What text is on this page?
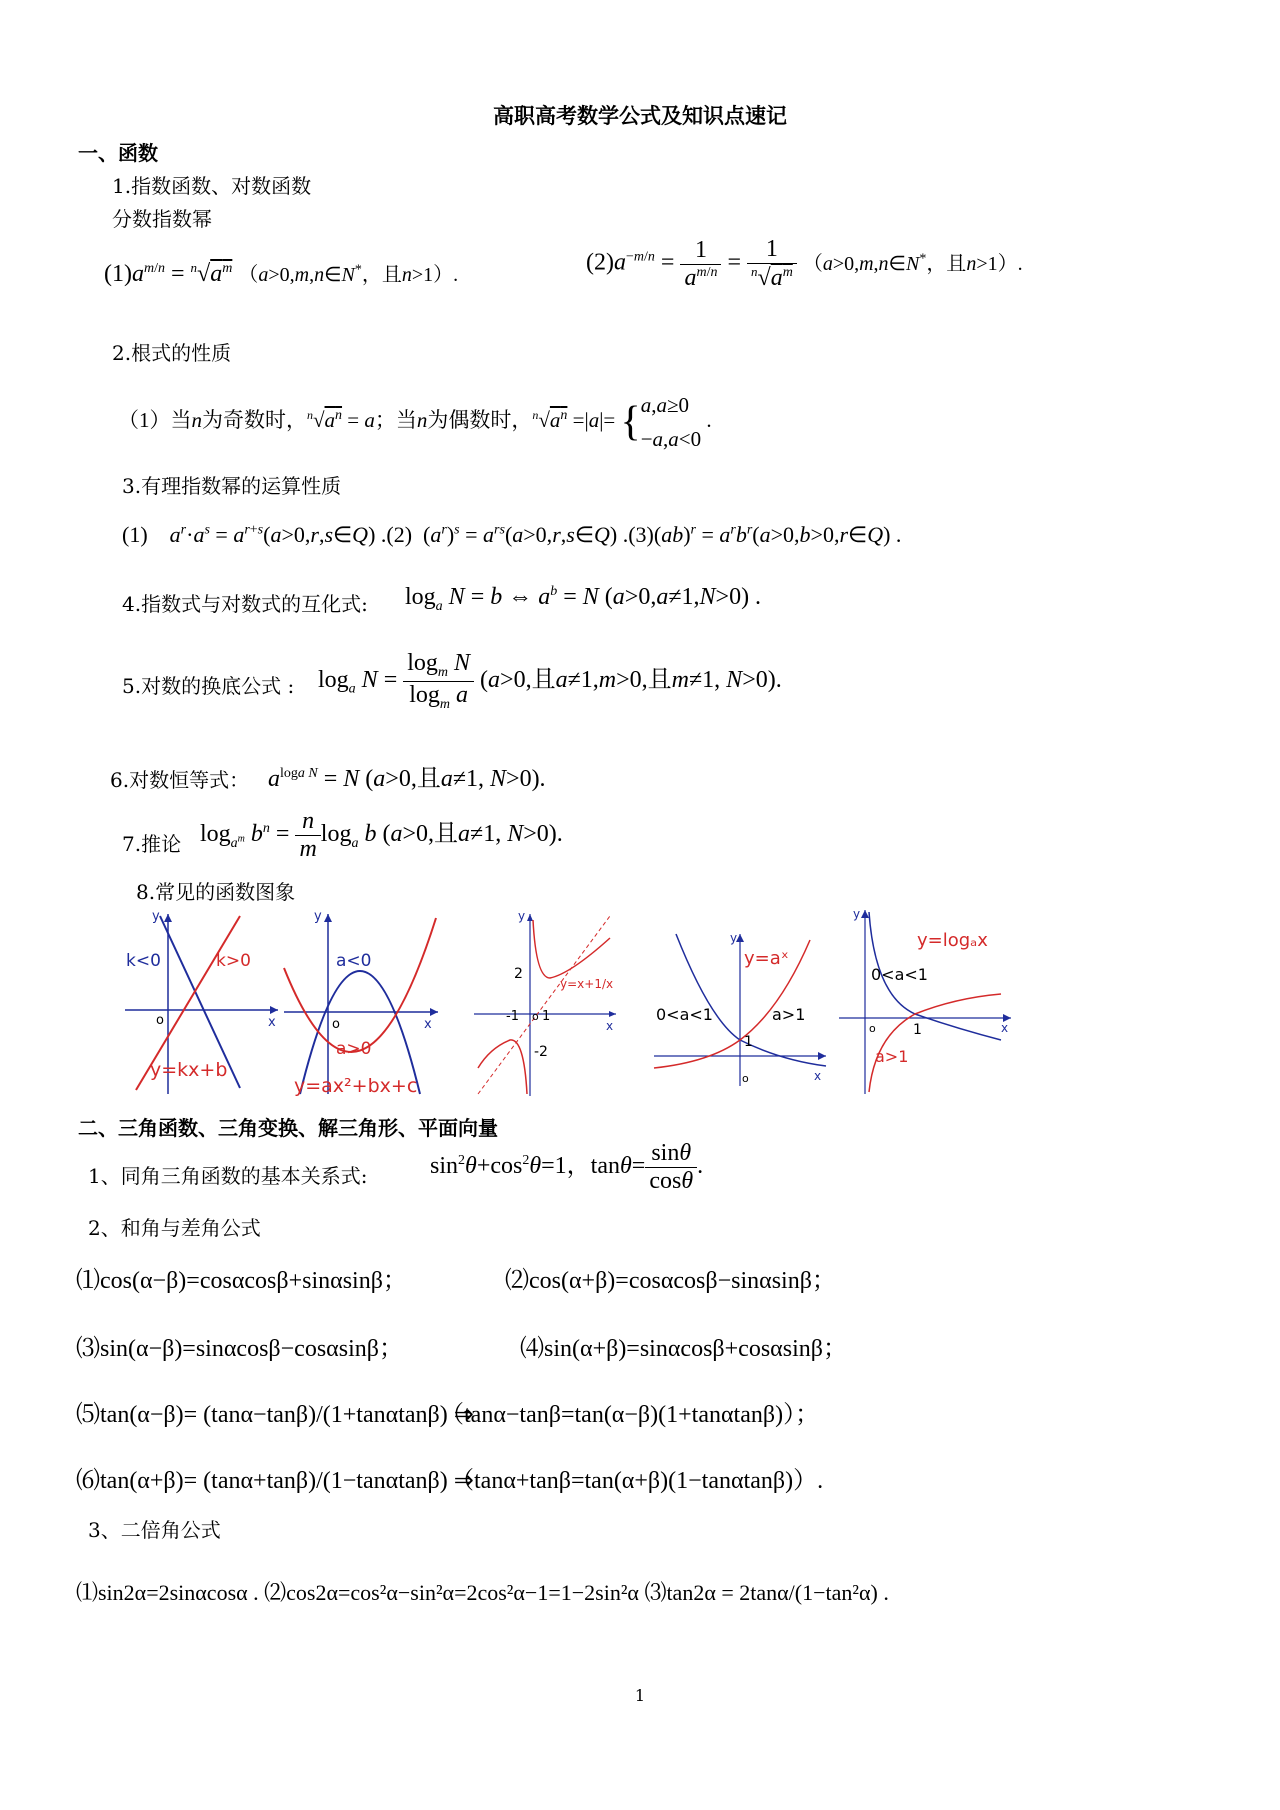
高职高考数学公式及知识点速记
一、函数
1.指数函数、对数函数
分数指数幂
$(1)a^{m/n} = ^n√a^m$ （a>0,m,n∈N*，且n>1）.	$(2)a^{-m/n} = \frac{1}{a^{m/n}} = \frac{1}{^n√a^m}$ （a>0,m,n∈N*，且n>1）.
2.根式的性质
（1）当n为奇数时，$^n√a^n = a$；当n为偶数时，$^n√a^n =|a|= \{a,a\ge 0$
−a,a<0 .
3.有理指数幂的运算性质
(1)    $a^r\cdot a^s$ = $a^{r+s}(a>0,r,s\in Q)$ .(2)  $(a^r)^s$ = $a^{rs}(a>0,r,s\in Q) .(3)(ab)^r$ = $a^rb^r(a>0,b>0,r\in Q)$ .
4.指数式与对数式的互化式: $\log_a N = b$ ⇔ $a^b = N$ (a>0,a≠1,N>0) .
5.对数的换底公式 : $\log_a N = \frac{\log_m N}{\log_m a} (a>0$,且a≠1,m>0,且m≠1, N>0).
6.对数恒等式： $a^{loga N} = N$ (a>0,且a≠1, N>0).
7.推论 $\log_{a^m} b^n = \frac{n}{m} \log_a b$ (a>0,且a≠1, N>0).
8.常见的函数图象
y
x
o
k<0	k>0
y=kx+b
y
x
o
a<0
a>0
y=ax²+bx+c
y
x
2
-2
-1 1
o
y=x+1/x
y
x
o
1
y=aˣ
0<a<1	a>1
y
x
o	1
y=logₐx
0<a<1
a>1
二、三角函数、三角变换、解三角形、平面向量
1、同角三角函数的基本关系式:	$\sin^2\theta+\cos^2\theta=1$，$\tan\theta= \frac{\sin\theta}{\cos\theta}$ .
2、和角与差角公式
⑴cos(α−β)=cosαcosβ+sinαsinβ；	⑵cos(α+β)=cosαcosβ−sinαsinβ；
⑶sin(α−β)=sinαcosβ−cosαsinβ；	⑷sin(α+β)=sinαcosβ+cosαsinβ；
⑸tan(α−β)= (tanα−tanβ)/(1+tanαtanβ) ⇒
（tanα−tanβ=tan(α−β)(1+tanαtanβ)）；
⑹tan(α+β)= (tanα+tanβ)/(1−tanαtanβ) ⇒
（tanα+tanβ=tan(α+β)(1−tanαtanβ)）.
3、二倍角公式
⑴sin2α=2sinαcosα . ⑵cos2α=cos²α−sin²α=2cos²α−1=1−2sin²α ⑶tan2α = 2tanα/(1−tan²α) .
1
